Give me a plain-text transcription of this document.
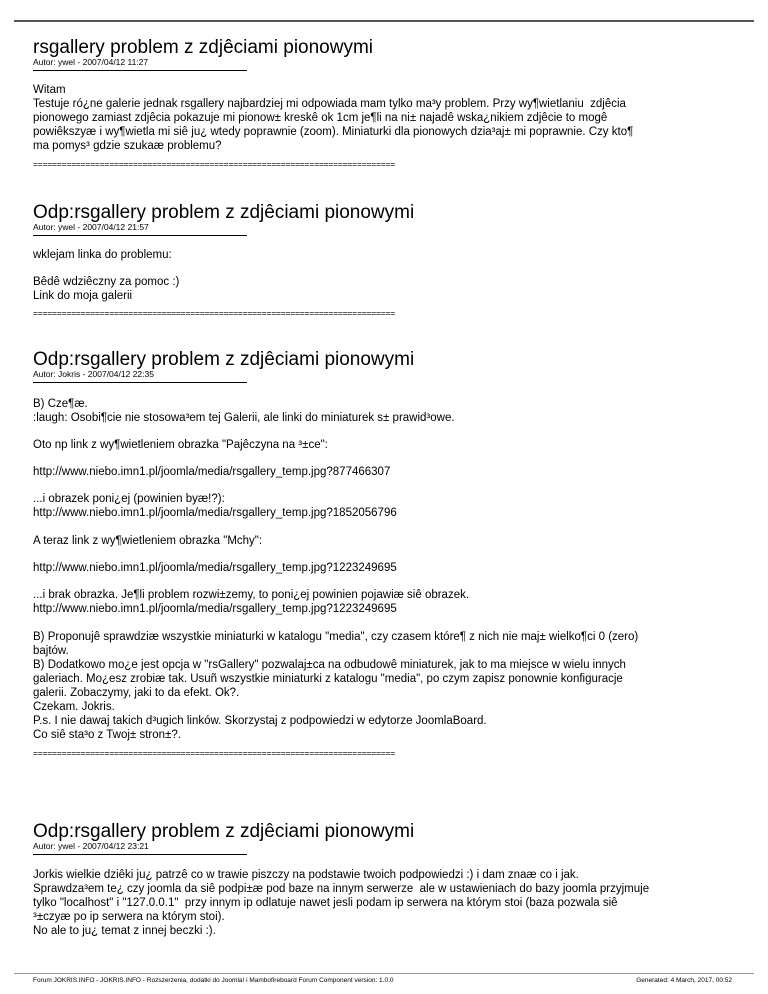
rsgallery problem z zdjêciami pionowymi
Autor: ywel - 2007/04/12 11:27

Witam
Testuje ró¿ne galerie jednak rsgallery najbardziej mi odpowiada mam tylko ma³y problem. Przy wy¶wietlaniu  zdjêcia
pionowego zamiast zdjêcia pokazuje mi pionow± kreskê ok 1cm je¶li na ni± najadê wska¿nikiem zdjêcie to mogê
powiêkszyæ i wy¶wietla mi siê ju¿ wtedy poprawnie (zoom). Miniaturki dla pionowych dzia³aj± mi poprawnie. Czy kto¶
ma pomys³ gdzie szukaæ problemu?

============================================================================
Odp:rsgallery problem z zdjêciami pionowymi
Autor: ywel - 2007/04/12 21:57

wklejam linka do problemu:

Bêdê wdziêczny za pomoc :)
Link do moja galerii

============================================================================
Odp:rsgallery problem z zdjêciami pionowymi
Autor: Jokris - 2007/04/12 22:35

B) Cze¶æ.
:laugh: Osobi¶cie nie stosowa³em tej Galerii, ale linki do miniaturek s± prawid³owe.

Oto np link z wy¶wietleniem obrazka "Pajêczyna na ³±ce":

http://www.niebo.imn1.pl/joomla/media/rsgallery_temp.jpg?877466307

...i obrazek poni¿ej (powinien byæ!?):
http://www.niebo.imn1.pl/joomla/media/rsgallery_temp.jpg?1852056796

A teraz link z wy¶wietleniem obrazka "Mchy":

http://www.niebo.imn1.pl/joomla/media/rsgallery_temp.jpg?1223249695

...i brak obrazka. Je¶li problem rozwi±zemy, to poni¿ej powinien pojawiæ siê obrazek.
http://www.niebo.imn1.pl/joomla/media/rsgallery_temp.jpg?1223249695

B) Proponujê sprawdziæ wszystkie miniaturki w katalogu "media", czy czasem które¶ z nich nie maj± wielko¶ci 0 (zero)
bajtów.
B) Dodatkowo mo¿e jest opcja w "rsGallery" pozwalaj±ca na odbudowê miniaturek, jak to ma miejsce w wielu innych
galeriach. Mo¿esz zrobiæ tak. Usuñ wszystkie miniaturki z katalogu "media", po czym zapisz ponownie konfiguracje
galerii. Zobaczymy, jaki to da efekt. Ok?.
Czekam. Jokris.
P.s. I nie dawaj takich d³ugich linków. Skorzystaj z podpowiedzi w edytorze JoomlaBoard.
Co siê sta³o z Twoj± stron±?.

============================================================================
Odp:rsgallery problem z zdjêciami pionowymi
Autor: ywel - 2007/04/12 23:21

Jorkis wielkie dziêki ju¿ patrzê co w trawie piszczy na podstawie twoich podpowiedzi :) i dam znaæ co i jak.
Sprawdza³em te¿ czy joomla da siê podpi±æ pod baze na innym serwerze  ale w ustawieniach do bazy joomla przyjmuje
tylko "localhost" i "127.0.0.1"  przy innym ip odlatuje nawet jesli podam ip serwera na którym stoi (baza pozwala siê
³±czyæ po ip serwera na którym stoi).
No ale to ju¿ temat z innej beczki :).

Forum JOKRIS.INFO - JOKRIS.INFO - Rozszerzenia, dodatki do Joomla! i Mambofireboard Forum Component version: 1.0.0	Generated: 4 March, 2017, 00:52
